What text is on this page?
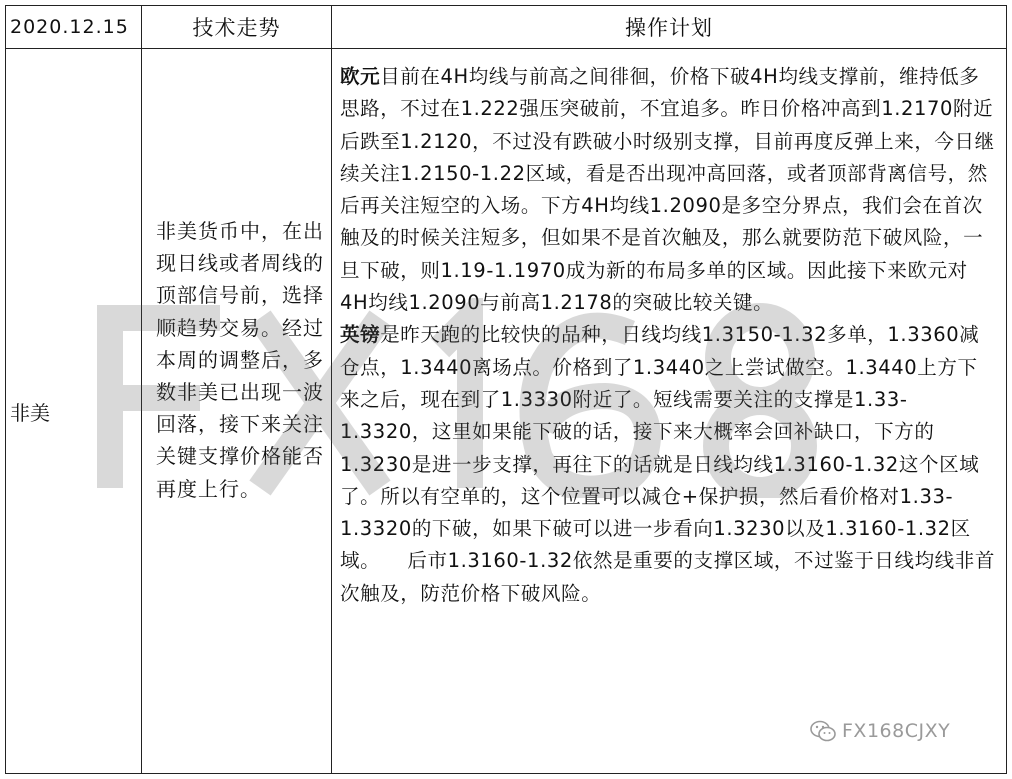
2020.12.15	技术走势	操作计划
非美	非美货币中，在出现日线或者周线的顶部信号前，选择顺趋势交易。经过本周的调整后，多数非美已出现一波回落，接下来关注关键支撑价格能否再度上行。	欧元目前在4H均线与前高之间徘徊，价格下破4H均线支撑前，维持低多思路，不过在1.222强压突破前，不宜追多。昨日价格冲高到1.2170附近后跌至1.2120，不过没有跌破小时级别支撑，目前再度反弹上来，今日继续关注1.2150-1.22区域，看是否出现冲高回落，或者顶部背离信号，然后再关注短空的入场。下方4H均线1.2090是多空分界点，我们会在首次触及的时候关注短多，但如果不是首次触及，那么就要防范下破风险，一旦下破，则1.19-1.1970成为新的布局多单的区域。因此接下来欧元对4H均线1.2090与前高1.2178的突破比较关键。

英镑是昨天跑的比较快的品种，日线均线1.3150-1.32多单，1.3360减仓点，1.3440离场点。价格到了1.3440之上尝试做空。1.3440上方下来之后，现在到了1.3330附近了。短线需要关注的支撑是1.33-1.3320，这里如果能下破的话，接下来大概率会回补缺口，下方的1.3230是进一步支撑，再往下的话就是日线均线1.3160-1.32这个区域了。所以有空单的，这个位置可以减仓+保护损，然后看价格对1.33-1.3320的下破，如果下破可以进一步看向1.3230以及1.3160-1.32区域。    后市1.3160-1.32依然是重要的支撑区域，不过鉴于日线均线非首次触及，防范价格下破风险。

FX168CJXY
